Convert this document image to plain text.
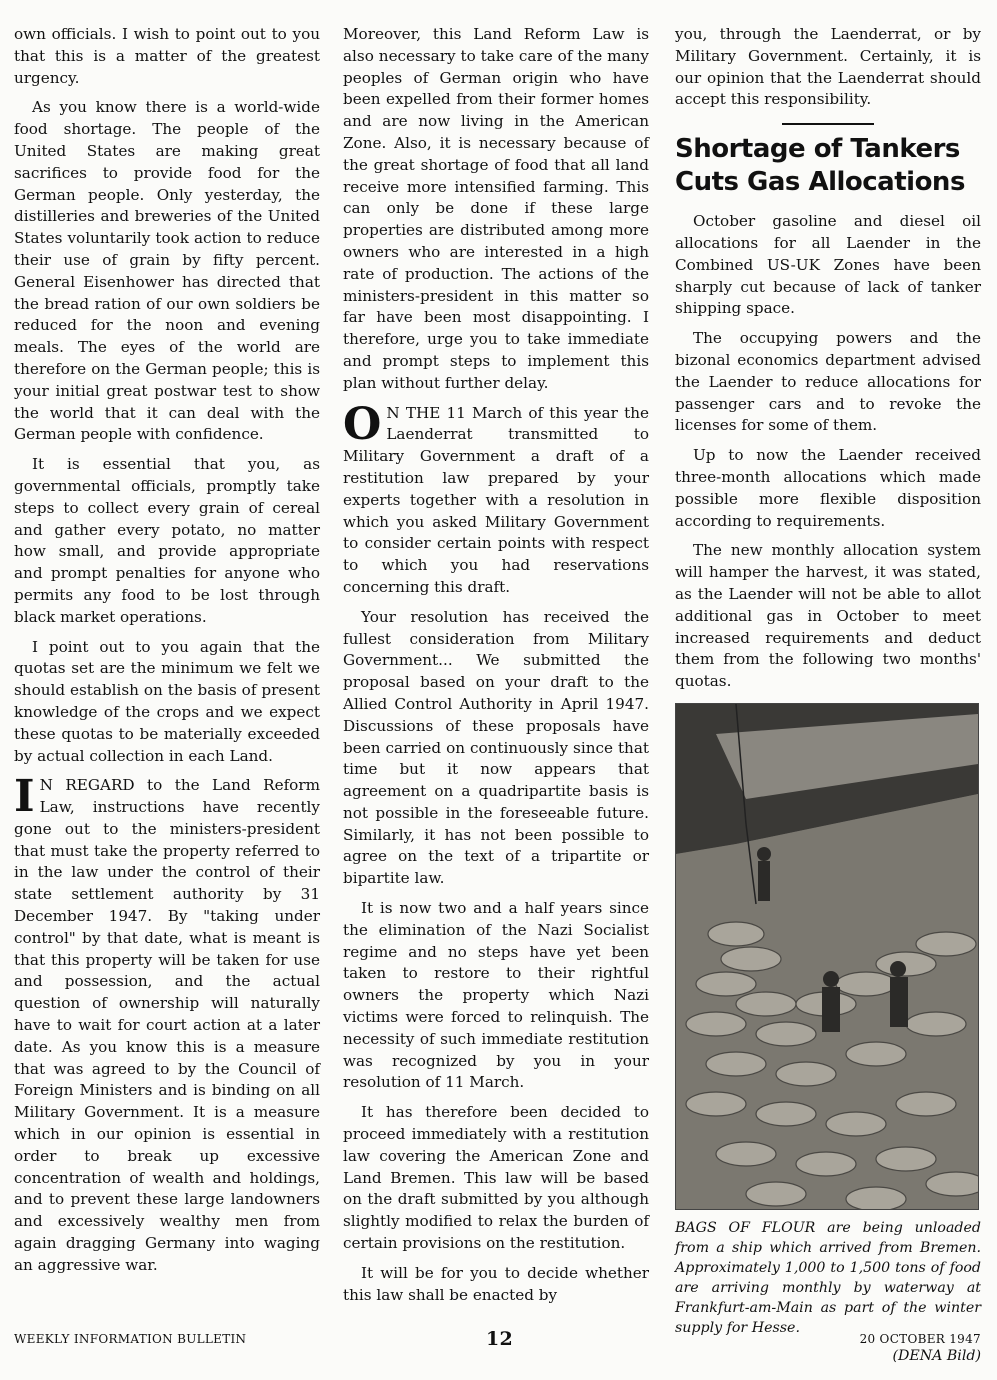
own officials. I wish to point out to you that this is a matter of the greatest urgency.

As you know there is a world-wide food shortage. The people of the United States are making great sacrifices to provide food for the German people. Only yesterday, the distilleries and breweries of the United States voluntarily took action to reduce their use of grain by fifty percent. General Eisenhower has directed that the bread ration of our own soldiers be reduced for the noon and evening meals. The eyes of the world are therefore on the German people; this is your initial great postwar test to show the world that it can deal with the German people with confidence.

It is essential that you, as governmental officials, promptly take steps to collect every grain of cereal and gather every potato, no matter how small, and provide appropriate and prompt penalties for anyone who permits any food to be lost through black market operations.

I point out to you again that the quotas set are the minimum we felt we should establish on the basis of present knowledge of the crops and we expect these quotas to be materially exceeded by actual collection in each Land.

I N REGARD to the Land Reform Law, instructions have recently gone out to the ministers-president that must take the property referred to in the law under the control of their state settlement authority by 31 December 1947. By "taking under control" by that date, what is meant is that this property will be taken for use and possession, and the actual question of ownership will naturally have to wait for court action at a later date. As you know this is a measure that was agreed to by the Council of Foreign Ministers and is binding on all Military Government. It is a measure which in our opinion is essential in order to break up excessive concentration of wealth and holdings, and to prevent these large landowners and excessively wealthy men from again dragging Germany into waging an aggressive war.

Moreover, this Land Reform Law is also necessary to take care of the many peoples of German origin who have been expelled from their former homes and are now living in the American Zone. Also, it is necessary because of the great shortage of food that all land receive more intensified farming. This can only be done if these large properties are distributed among more owners who are interested in a high rate of production. The actions of the ministers-president in this matter so far have been most disappointing. I therefore, urge you to take immediate and prompt steps to implement this plan without further delay.

O N THE 11 March of this year the Laenderrat transmitted to Military Government a draft of a restitution law prepared by your experts together with a resolution in which you asked Military Government to consider certain points with respect to which you had reservations concerning this draft.

Your resolution has received the fullest consideration from Military Government... We submitted the proposal based on your draft to the Allied Control Authority in April 1947. Discussions of these proposals have been carried on continuously since that time but it now appears that agreement on a quadripartite basis is not possible in the foreseeable future. Similarly, it has not been possible to agree on the text of a tripartite or bipartite law.

It is now two and a half years since the elimination of the Nazi Socialist regime and no steps have yet been taken to restore to their rightful owners the property which Nazi victims were forced to relinquish. The necessity of such immediate restitution was recognized by you in your resolution of 11 March.

It has therefore been decided to proceed immediately with a restitution law covering the American Zone and Land Bremen. This law will be based on the draft submitted by you although slightly modified to relax the burden of certain provisions on the restitution.

It will be for you to decide whether this law shall be enacted by

you, through the Laenderrat, or by Military Government. Certainly, it is our opinion that the Laenderrat should accept this responsibility.

Shortage of Tankers
Cuts Gas Allocations

October gasoline and diesel oil allocations for all Laender in the Combined US-UK Zones have been sharply cut because of lack of tanker shipping space.

The occupying powers and the bizonal economics department advised the Laender to reduce allocations for passenger cars and to revoke the licenses for some of them.

Up to now the Laender received three-month allocations which made possible more flexible disposition according to requirements.

The new monthly allocation system will hamper the harvest, it was stated, as the Laender will not be able to allot additional gas in October to meet increased requirements and deduct them from the following two months' quotas.

BAGS OF FLOUR are being unloaded from a ship which arrived from Bremen. Approximately 1,000 to 1,500 tons of food are arriving monthly by waterway at Frankfurt-am-Main as part of the winter supply for Hesse.
(DENA Bild)
WEEKLY INFORMATION BULLETIN	12	20 OCTOBER 1947
